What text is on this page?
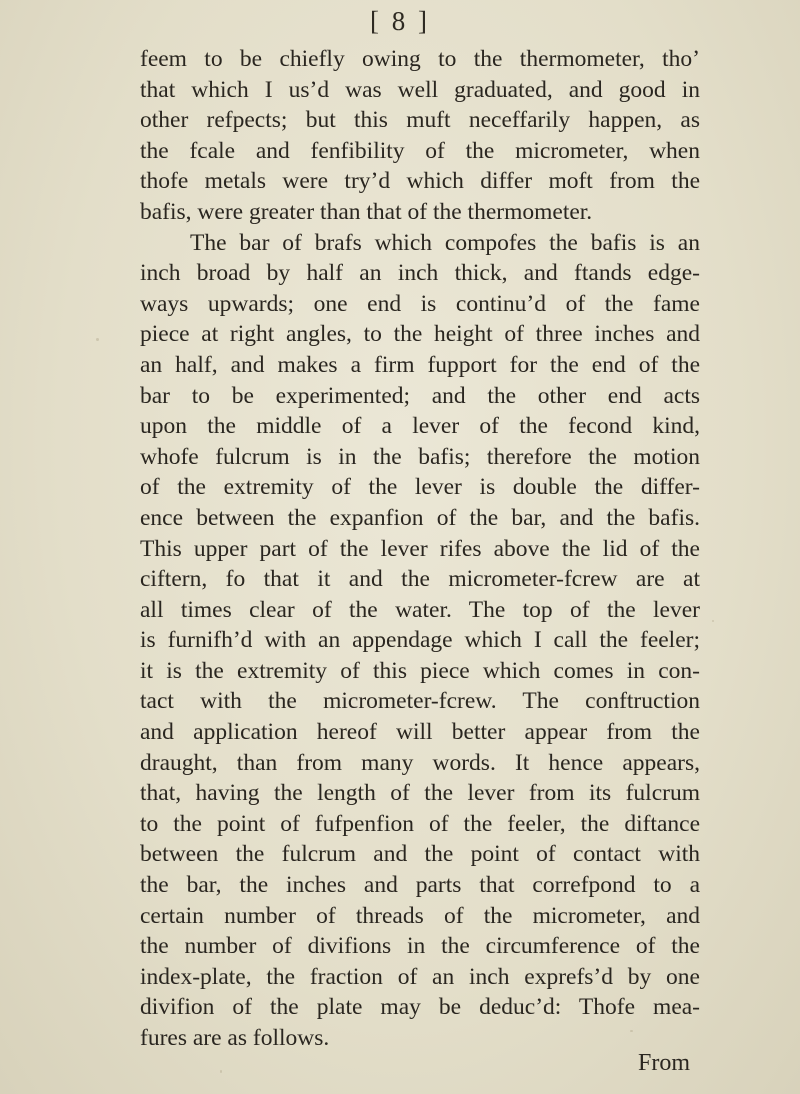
[ 8 ]
feem to be chiefly owing to the thermometer, tho’
that which I us’d was well graduated, and good in
other refpects; but this muft neceffarily happen, as
the fcale and fenfibility of the micrometer, when
thofe metals were try’d which differ moft from the
bafis, were greater than that of the thermometer.
The bar of brafs which compofes the bafis is an
inch broad by half an inch thick, and ftands edge-
ways upwards; one end is continu’d of the fame
piece at right angles, to the height of three inches and
an half, and makes a firm fupport for the end of the
bar to be experimented; and the other end acts
upon the middle of a lever of the fecond kind,
whofe fulcrum is in the bafis; therefore the motion
of the extremity of the lever is double the differ-
ence between the expanfion of the bar, and the bafis.
This upper part of the lever rifes above the lid of the
ciftern, fo that it and the micrometer-fcrew are at
all times clear of the water. The top of the lever
is furnifh’d with an appendage which I call the feeler;
it is the extremity of this piece which comes in con-
tact with the micrometer-fcrew. The conftruction
and application hereof will better appear from the
draught, than from many words. It hence appears,
that, having the length of the lever from its fulcrum
to the point of fufpenfion of the feeler, the diftance
between the fulcrum and the point of contact with
the bar, the inches and parts that correfpond to a
certain number of threads of the micrometer, and
the number of divifions in the circumference of the
index-plate, the fraction of an inch exprefs’d by one
divifion of the plate may be deduc’d: Thofe mea-
fures are as follows.
From
